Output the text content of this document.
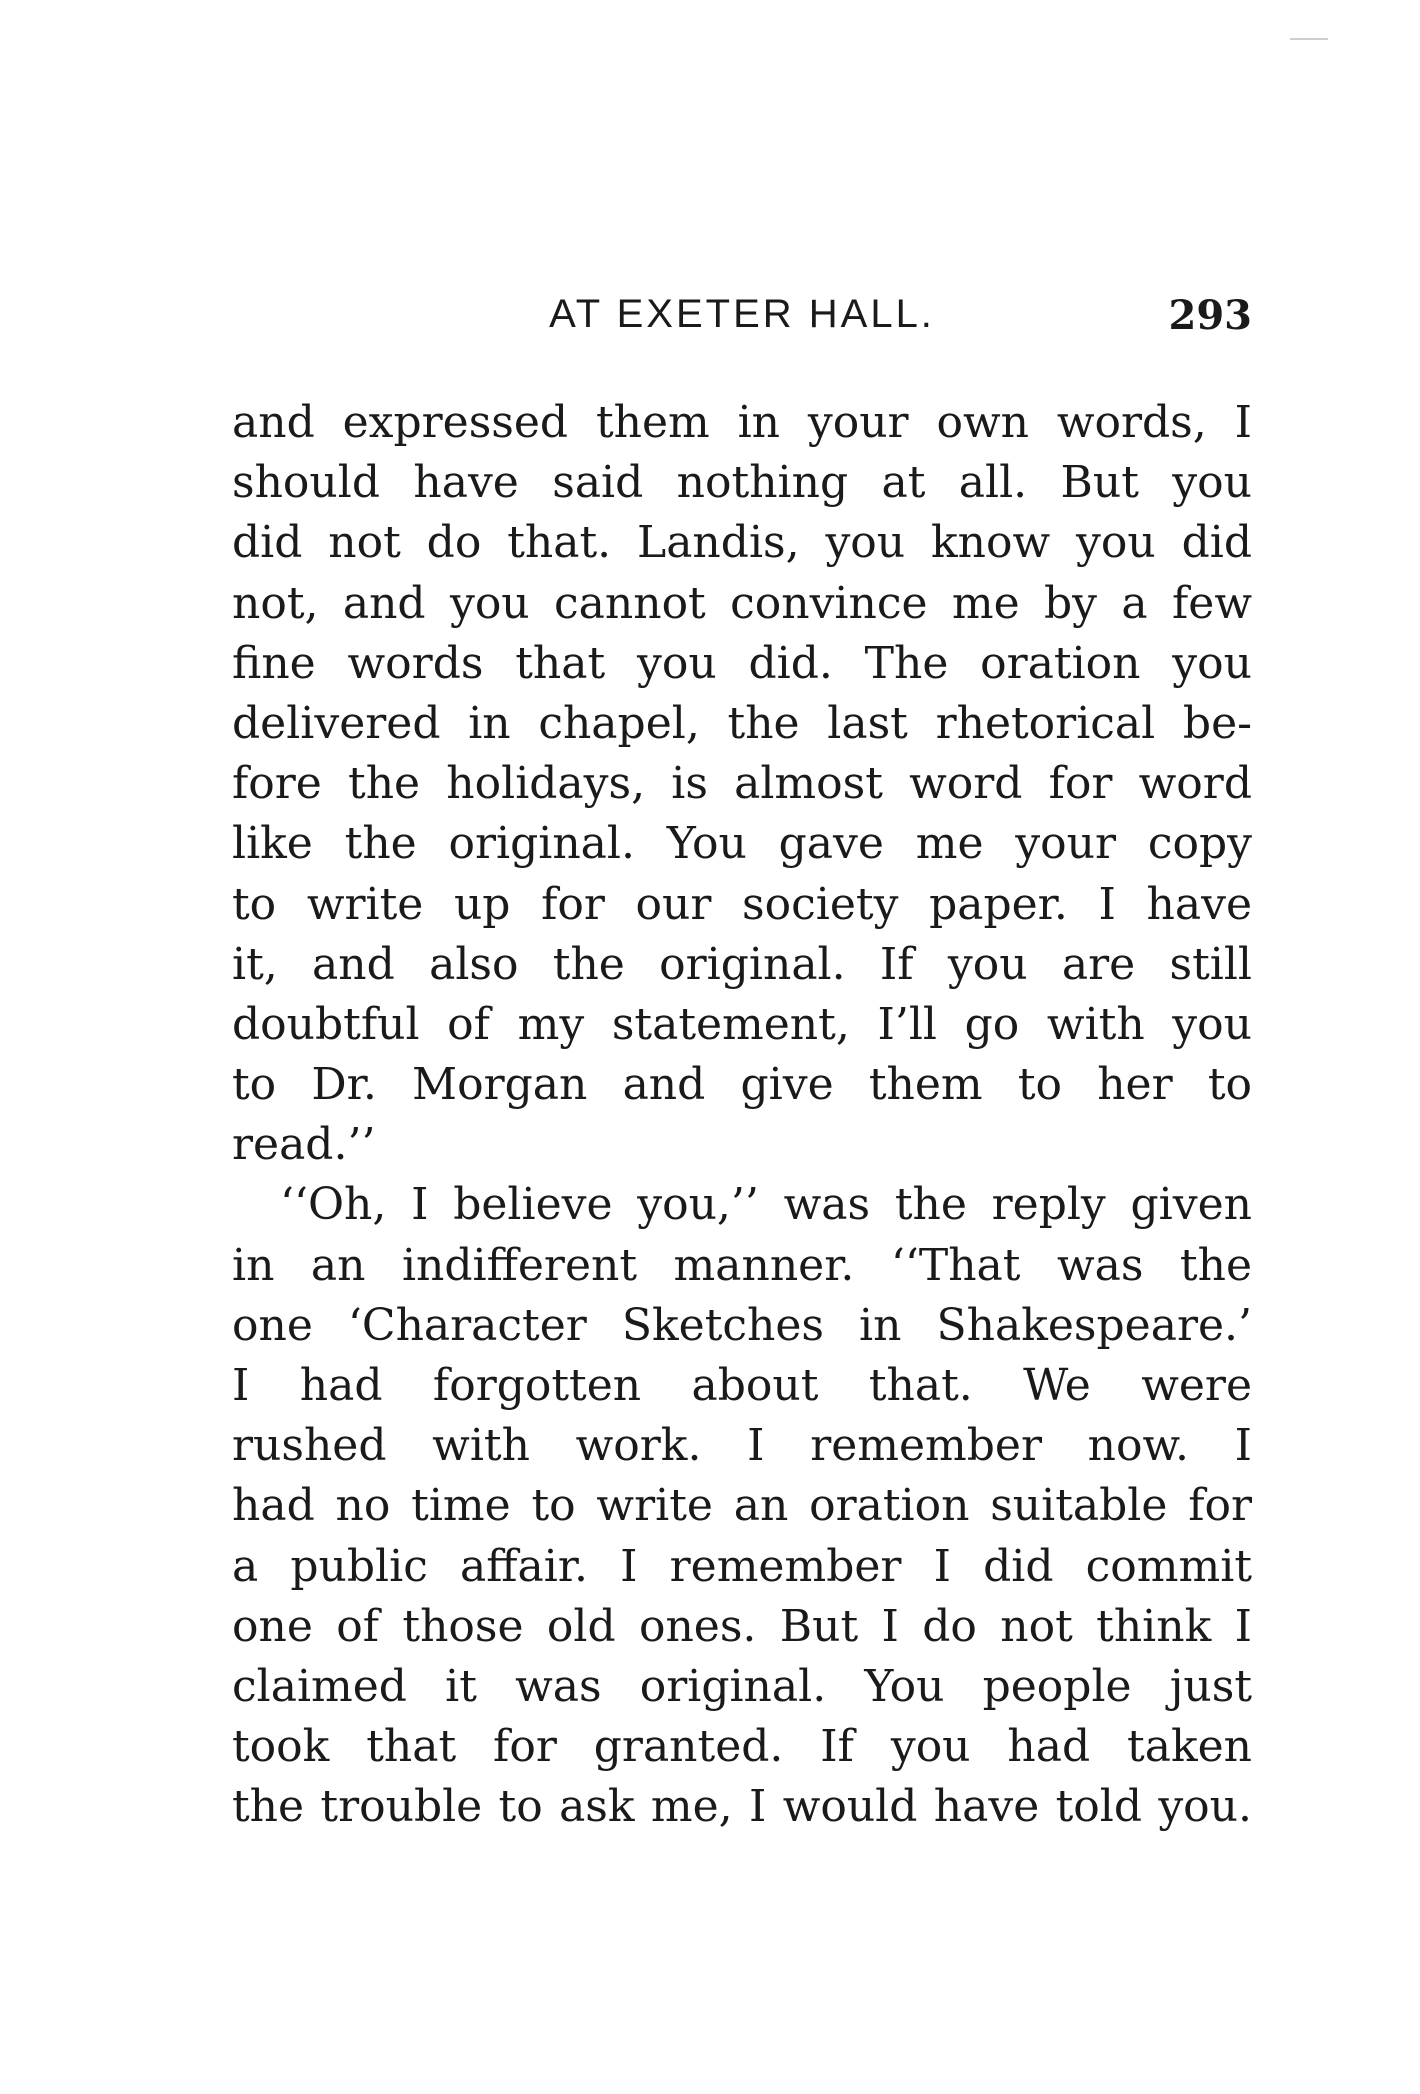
AT EXETER HALL.	293
and expressed them in your own words, I
should have said nothing at all. But you
did not do that. Landis, you know you did
not, and you cannot convince me by a few
fine words that you did. The oration you
delivered in chapel, the last rhetorical be-
fore the holidays, is almost word for word
like the original. You gave me your copy
to write up for our society paper. I have
it, and also the original. If you are still
doubtful of my statement, I’ll go with you
to Dr. Morgan and give them to her to
read.’’
‘‘Oh, I believe you,’’ was the reply given
in an indifferent manner. ‘‘That was the
one ‘Character Sketches in Shakespeare.’
I had forgotten about that. We were
rushed with work. I remember now. I
had no time to write an oration suitable for
a public affair. I remember I did commit
one of those old ones. But I do not think I
claimed it was original. You people just
took that for granted. If you had taken
the trouble to ask me, I would have told you.
